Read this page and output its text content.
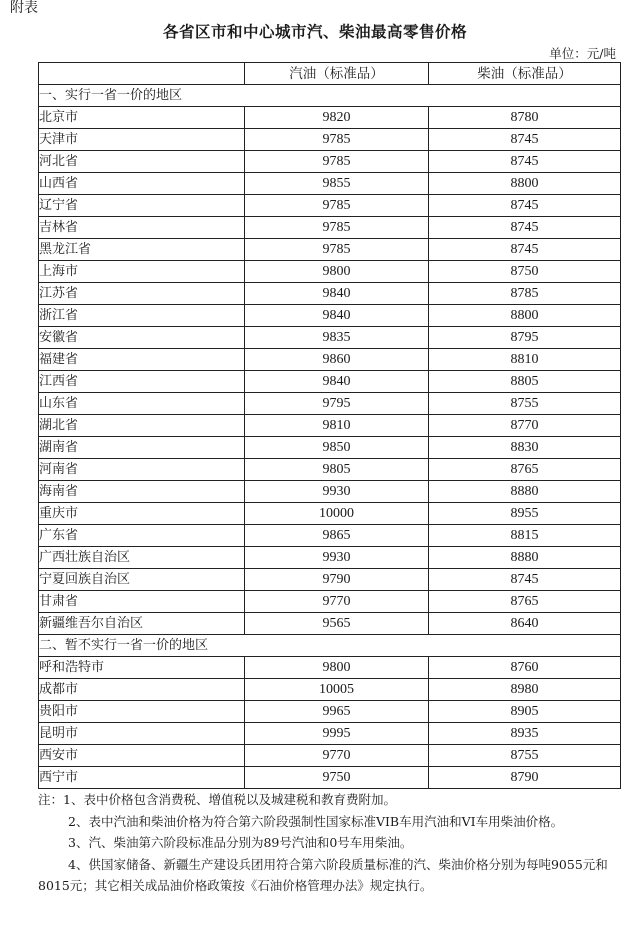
附表
各省区市和中心城市汽、柴油最高零售价格
单位：元/吨
	汽油（标准品）	柴油（标准品）
一、实行一省一价的地区		
北京市	9820	8780
天津市	9785	8745
河北省	9785	8745
山西省	9855	8800
辽宁省	9785	8745
吉林省	9785	8745
黑龙江省	9785	8745
上海市	9800	8750
江苏省	9840	8785
浙江省	9840	8800
安徽省	9835	8795
福建省	9860	8810
江西省	9840	8805
山东省	9795	8755
湖北省	9810	8770
湖南省	9850	8830
河南省	9805	8765
海南省	9930	8880
重庆市	10000	8955
广东省	9865	8815
广西壮族自治区	9930	8880
宁夏回族自治区	9790	8745
甘肃省	9770	8765
新疆维吾尔自治区	9565	8640
二、暂不实行一省一价的地区		
呼和浩特市	9800	8760
成都市	10005	8980
贵阳市	9965	8905
昆明市	9995	8935
西安市	9770	8755
西宁市	9750	8790

注：1、表中价格包含消费税、增值税以及城建税和教育费附加。

2、表中汽油和柴油价格为符合第六阶段强制性国家标准VIB车用汽油和VI车用柴油价格。

3、汽、柴油第六阶段标准品分别为89号汽油和0号车用柴油。

4、供国家储备、新疆生产建设兵团用符合第六阶段质量标准的汽、柴油价格分别为每吨9055元和8015元；其它相关成品油价格政策按《石油价格管理办法》规定执行。
